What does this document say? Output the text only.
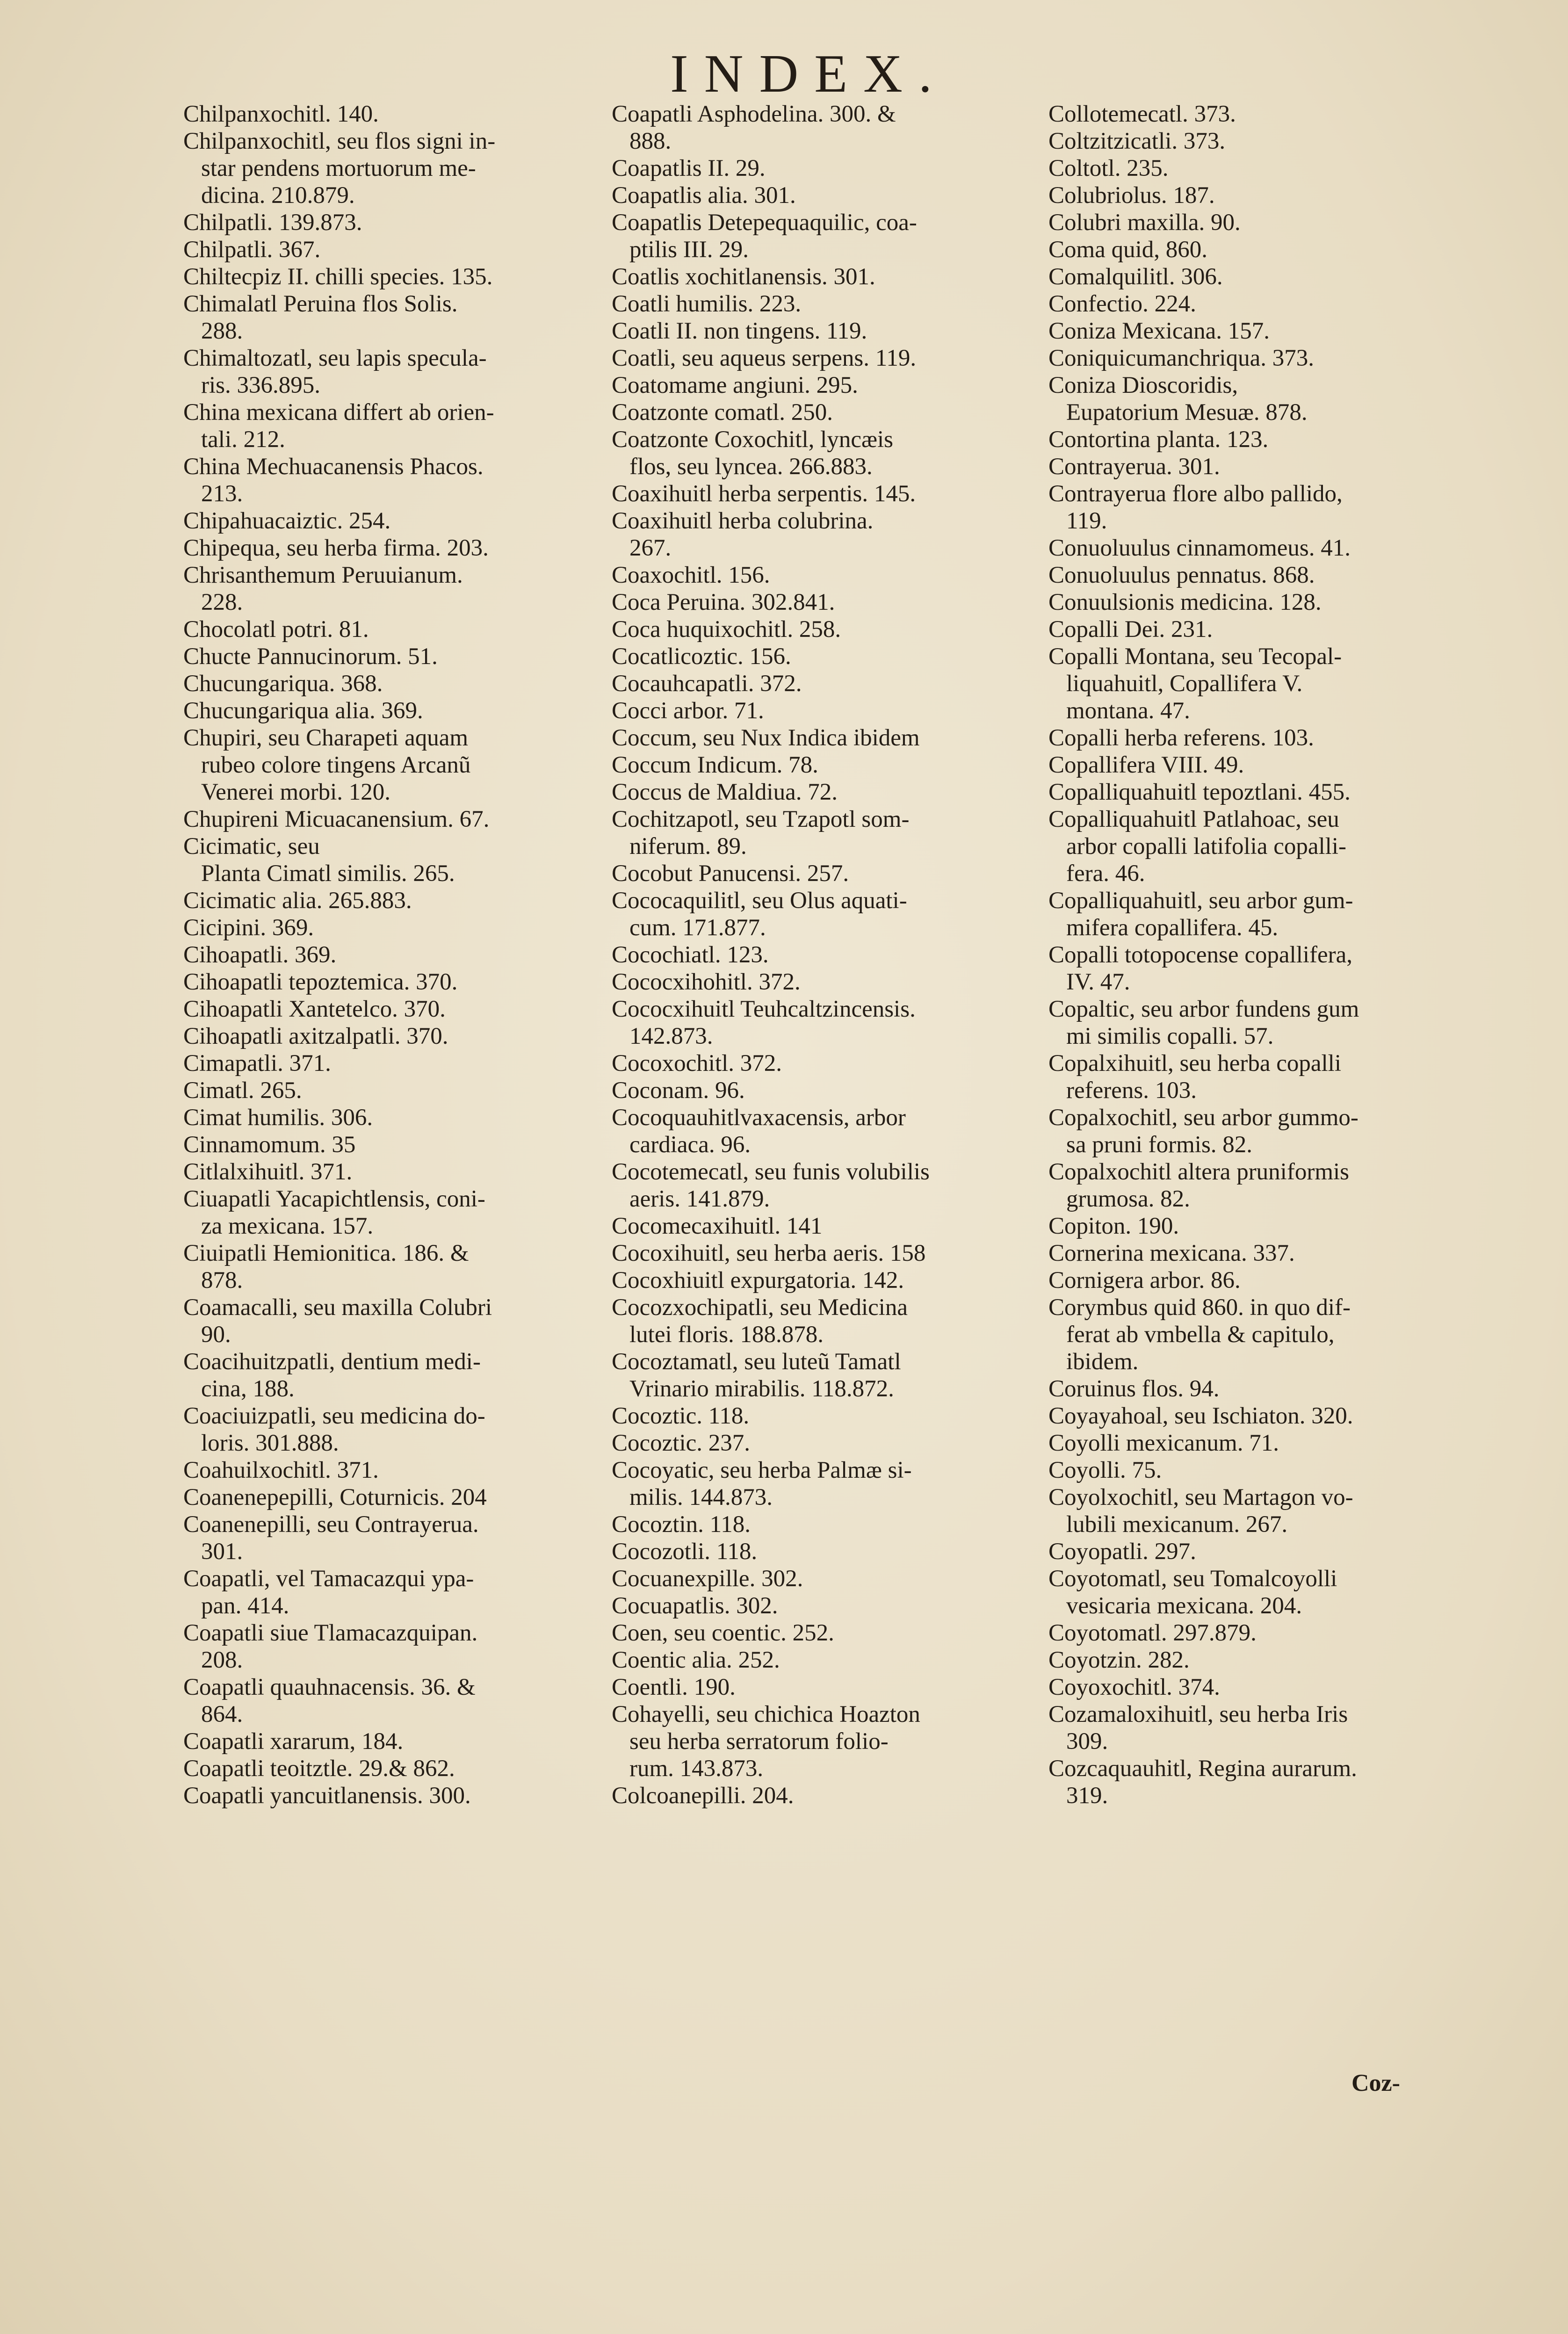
INDEX.
Chilpanxochitl. 140.
Chilpanxochitl, seu flos signi in-
star pendens mortuorum me-
dicina. 210.879.
Chilpatli. 139.873.
Chilpatli. 367.
Chiltecpiz II. chilli species. 135.
Chimalatl Peruina flos Solis.
288.
Chimaltozatl, seu lapis specula-
ris. 336.895.
China mexicana differt ab orien-
tali. 212.
China Mechuacanensis Phacos.
213.
Chipahuacaiztic. 254.
Chipequa, seu herba firma. 203.
Chrisanthemum Peruuianum.
228.
Chocolatl potri. 81.
Chucte Pannucinorum. 51.
Chucungariqua. 368.
Chucungariqua alia. 369.
Chupiri, seu Charapeti aquam
rubeo colore tingens Arcanũ
Venerei morbi. 120.
Chupireni Micuacanensium. 67.
Cicimatic, seu
Planta Cimatl similis. 265.
Cicimatic alia. 265.883.
Cicipini. 369.
Cihoapatli. 369.
Cihoapatli tepoztemica. 370.
Cihoapatli Xantetelco. 370.
Cihoapatli axitzalpatli. 370.
Cimapatli. 371.
Cimatl. 265.
Cimat humilis. 306.
Cinnamomum. 35
Citlalxihuitl. 371.
Ciuapatli Yacapichtlensis, coni-
za mexicana. 157.
Ciuipatli Hemionitica. 186. &
878.
Coamacalli, seu maxilla Colubri
90.
Coacihuitzpatli, dentium medi-
cina, 188.
Coaciuizpatli, seu medicina do-
loris. 301.888.
Coahuilxochitl. 371.
Coanenepepilli, Coturnicis. 204
Coanenepilli, seu Contrayerua.
301.
Coapatli, vel Tamacazqui ypa-
pan. 414.
Coapatli siue Tlamacazquipan.
208.
Coapatli quauhnacensis. 36. &
864.
Coapatli xararum, 184.
Coapatli teoitztle. 29.& 862.
Coapatli yancuitlanensis. 300.
Coapatli Asphodelina. 300. &
888.
Coapatlis II. 29.
Coapatlis alia. 301.
Coapatlis Detepequaquilic, coa-
ptilis III. 29.
Coatlis xochitlanensis. 301.
Coatli humilis. 223.
Coatli II. non tingens. 119.
Coatli, seu aqueus serpens. 119.
Coatomame angiuni. 295.
Coatzonte comatl. 250.
Coatzonte Coxochitl, lyncæis
flos, seu lyncea. 266.883.
Coaxihuitl herba serpentis. 145.
Coaxihuitl herba colubrina.
267.
Coaxochitl. 156.
Coca Peruina. 302.841.
Coca huquixochitl. 258.
Cocatlicoztic. 156.
Cocauhcapatli. 372.
Cocci arbor. 71.
Coccum, seu Nux Indica ibidem
Coccum Indicum. 78.
Coccus de Maldiua. 72.
Cochitzapotl, seu Tzapotl som-
niferum. 89.
Cocobut Panucensi. 257.
Cococaquilitl, seu Olus aquati-
cum. 171.877.
Cocochiatl. 123.
Cococxihohitl. 372.
Cococxihuitl Teuhcaltzincensis.
142.873.
Cocoxochitl. 372.
Coconam. 96.
Cocoquauhitlvaxacensis, arbor
cardiaca. 96.
Cocotemecatl, seu funis volubilis
aeris. 141.879.
Cocomecaxihuitl. 141
Cocoxihuitl, seu herba aeris. 158
Cocoxhiuitl expurgatoria. 142.
Cocozxochipatli, seu Medicina
lutei floris. 188.878.
Cocoztamatl, seu luteũ Tamatl
Vrinario mirabilis. 118.872.
Cocoztic. 118.
Cocoztic. 237.
Cocoyatic, seu herba Palmæ si-
milis. 144.873.
Cocoztin. 118.
Cocozotli. 118.
Cocuanexpille. 302.
Cocuapatlis. 302.
Coen, seu coentic. 252.
Coentic alia. 252.
Coentli. 190.
Cohayelli, seu chichica Hoazton
seu herba serratorum folio-
rum. 143.873.
Colcoanepilli. 204.
Collotemecatl. 373.
Coltzitzicatli. 373.
Coltotl. 235.
Colubriolus. 187.
Colubri maxilla. 90.
Coma quid, 860.
Comalquilitl. 306.
Confectio. 224.
Coniza Mexicana. 157.
Coniquicumanchriqua. 373.
Coniza Dioscoridis,
Eupatorium Mesuæ. 878.
Contortina planta. 123.
Contrayerua. 301.
Contrayerua flore albo pallido,
119.
Conuoluulus cinnamomeus. 41.
Conuoluulus pennatus. 868.
Conuulsionis medicina. 128.
Copalli Dei. 231.
Copalli Montana, seu Tecopal-
liquahuitl, Copallifera V.
montana. 47.
Copalli herba referens. 103.
Copallifera VIII. 49.
Copalliquahuitl tepoztlani. 455.
Copalliquahuitl Patlahoac, seu
arbor copalli latifolia copalli-
fera. 46.
Copalliquahuitl, seu arbor gum-
mifera copallifera. 45.
Copalli totopocense copallifera,
IV. 47.
Copaltic, seu arbor fundens gum
mi similis copalli. 57.
Copalxihuitl, seu herba copalli
referens. 103.
Copalxochitl, seu arbor gummo-
sa pruni formis. 82.
Copalxochitl altera pruniformis
grumosa. 82.
Copiton. 190.
Cornerina mexicana. 337.
Cornigera arbor. 86.
Corymbus quid 860. in quo dif-
ferat ab vmbella & capitulo,
ibidem.
Coruinus flos. 94.
Coyayahoal, seu Ischiaton. 320.
Coyolli mexicanum. 71.
Coyolli. 75.
Coyolxochitl, seu Martagon vo-
lubili mexicanum. 267.
Coyopatli. 297.
Coyotomatl, seu Tomalcoyolli
vesicaria mexicana. 204.
Coyotomatl. 297.879.
Coyotzin. 282.
Coyoxochitl. 374.
Cozamaloxihuitl, seu herba Iris
309.
Cozcaquauhitl, Regina aurarum.
319.
Coz-
